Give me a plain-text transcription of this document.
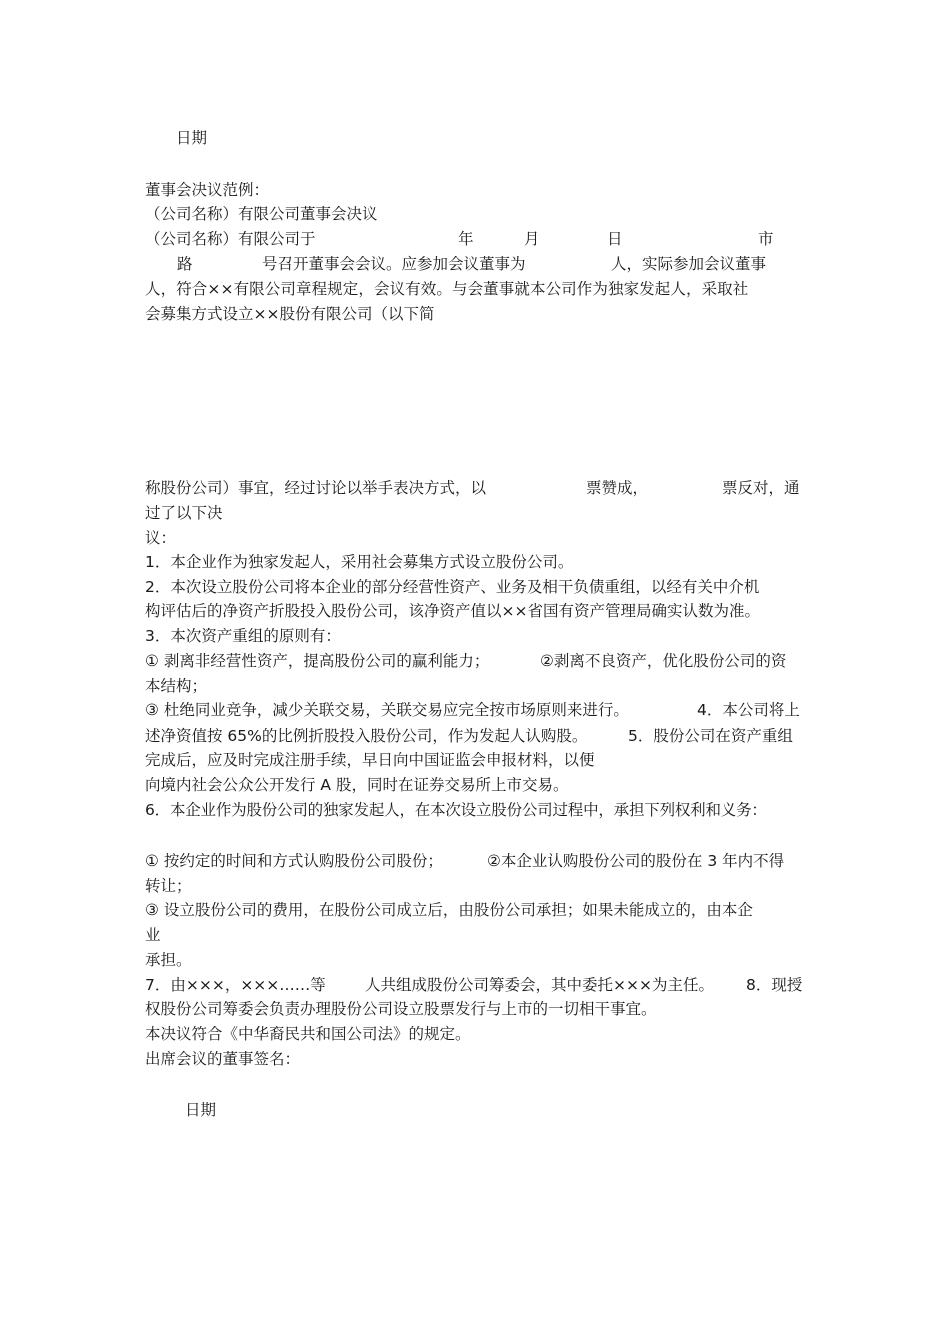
日期
董事会决议范例：
（公司名称）有限公司董事会决议
（公司名称）有限公司于	年	月	日	市
路	号召开董事会会议。应参加会议董事为	人，实际参加会议董事
人，符合××有限公司章程规定，会议有效。与会董事就本公司作为独家发起人，采取社
会募集方式设立××股份有限公司（以下简
称股份公司）事宜，经过讨论以举手表决方式，以	票赞成，	票反对，通
过了以下决
议：
1．本企业作为独家发起人，采用社会募集方式设立股份公司。
2．本次设立股份公司将本企业的部分经营性资产、业务及相干负债重组，以经有关中介机
构评估后的净资产折股投入股份公司，该净资产值以××省国有资产管理局确实认数为准。
3．本次资产重组的原则有：
① 剥离非经营性资产，提高股份公司的赢利能力；	②剥离不良资产，优化股份公司的资
本结构；
③ 杜绝同业竞争，减少关联交易，关联交易应完全按市场原则来进行。	4．本公司将上
述净资值按 65%的比例折股投入股份公司，作为发起人认购股。	5．股份公司在资产重组
完成后，应及时完成注册手续，早日向中国证监会申报材料，以便
向境内社会公众公开发行 A 股，同时在证券交易所上市交易。
6．本企业作为股份公司的独家发起人，在本次设立股份公司过程中，承担下列权利和义务：
① 按约定的时间和方式认购股份公司股份；	②本企业认购股份公司的股份在 3 年内不得
转让；
③ 设立股份公司的费用，在股份公司成立后，由股份公司承担；如果未能成立的，由本企
业
承担。
7．由×××，×××……等	人共组成股份公司筹委会，其中委托×××为主任。 8．现授
权股份公司筹委会负责办理股份公司设立股票发行与上市的一切相干事宜。
本决议符合《中华裔民共和国公司法》的规定。
出席会议的董事签名：
日期
